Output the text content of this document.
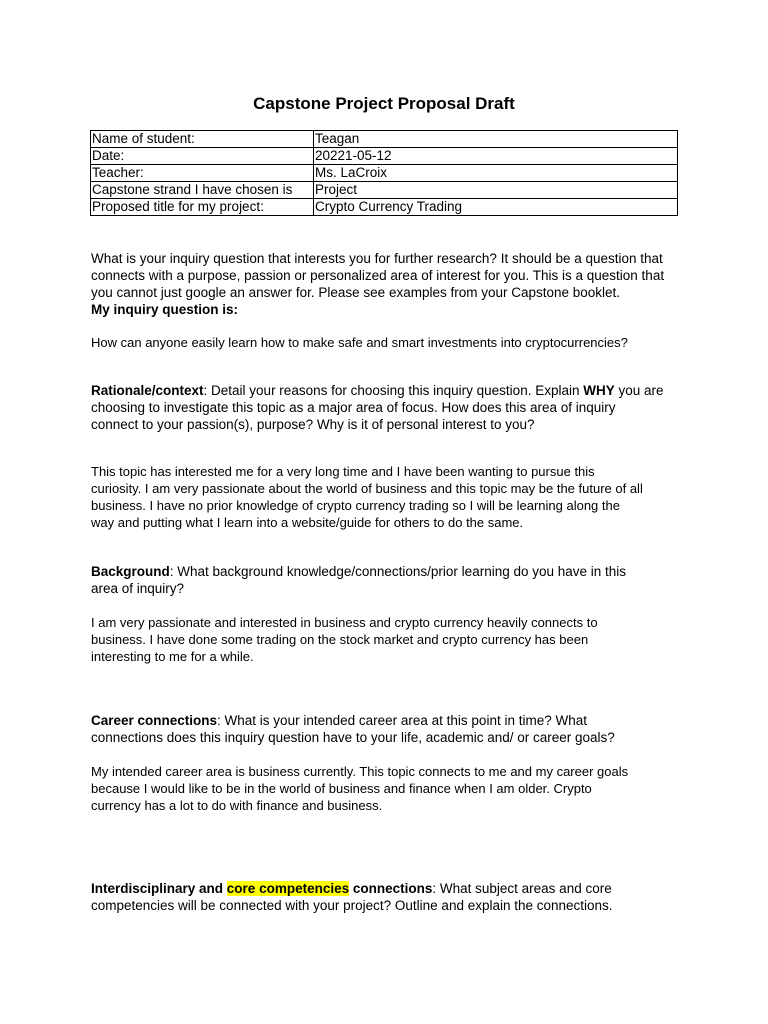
Capstone Project Proposal Draft
Name of student:	Teagan
Date:	20221-05-12
Teacher:	Ms. LaCroix
Capstone strand I have chosen is	Project
Proposed title for my project:	Crypto Currency Trading
What is your inquiry question that interests you for further research? It should be a question that
connects with a purpose, passion or personalized area of interest for you. This is a question that
you cannot just google an answer for. Please see examples from your Capstone booklet.
My inquiry question is:
How can anyone easily learn how to make safe and smart investments into cryptocurrencies?
Rationale/context: Detail your reasons for choosing this inquiry question. Explain WHY you are
choosing to investigate this topic as a major area of focus. How does this area of inquiry
connect to your passion(s), purpose? Why is it of personal interest to you?
This topic has interested me for a very long time and I have been wanting to pursue this
curiosity. I am very passionate about the world of business and this topic may be the future of all
business. I have no prior knowledge of crypto currency trading so I will be learning along the
way and putting what I learn into a website/guide for others to do the same.
Background: What background knowledge/connections/prior learning do you have in this
area of inquiry?
I am very passionate and interested in business and crypto currency heavily connects to
business. I have done some trading on the stock market and crypto currency has been
interesting to me for a while.
Career connections: What is your intended career area at this point in time? What
connections does this inquiry question have to your life, academic and/ or career goals?
My intended career area is business currently. This topic connects to me and my career goals
because I would like to be in the world of business and finance when I am older. Crypto
currency has a lot to do with finance and business.
Interdisciplinary and core competencies connections: What subject areas and core
competencies will be connected with your project? Outline and explain the connections.
